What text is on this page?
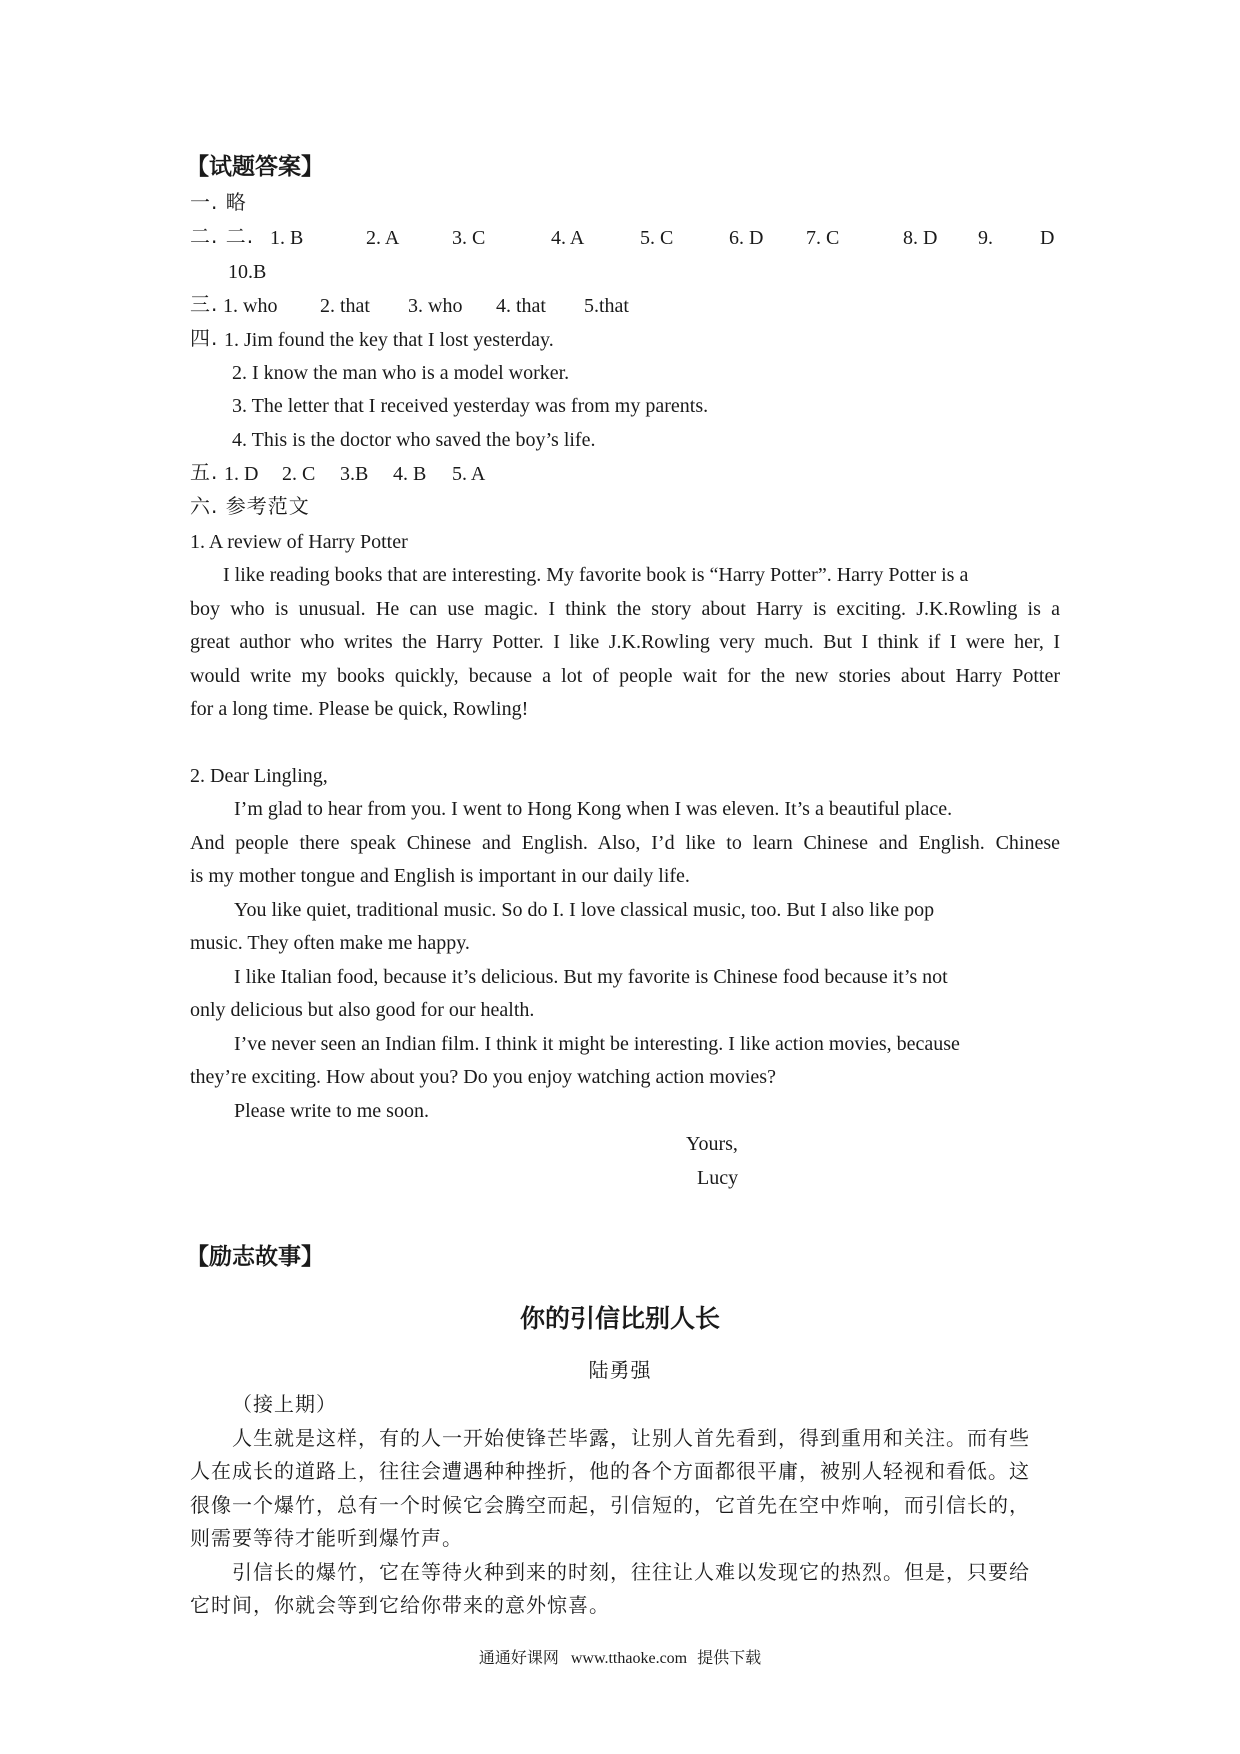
【试题答案】
一. 略
二. 二. 1. B	2. A	3. C	4. A	5. C	6. D 7. C	8. D 9. D
10.B
三. 1. who 2. that 3. who 4. that 5.that
四. 1. Jim found the key that I lost yesterday.
2. I know the man who is a model worker.
3. The letter that I received yesterday was from my parents.
4. This is the doctor who saved the boy’s life.
五. 1. D 2. C 3.B 4. B 5. A
六. 参考范文
1. A review of Harry Potter
I like reading books that are interesting. My favorite book is “Harry Potter”. Harry Potter is a
boy who is unusual. He can use magic. I think the story about Harry is exciting. J.K.Rowling is a
great author who writes the Harry Potter. I like J.K.Rowling very much. But I think if I were her, I
would write my books quickly, because a lot of people wait for the new stories about Harry Potter
for a long time. Please be quick, Rowling!
2. Dear Lingling,
I’m glad to hear from you. I went to Hong Kong when I was eleven. It’s a beautiful place.
And people there speak Chinese and English. Also, I’d like to learn Chinese and English. Chinese
is my mother tongue and English is important in our daily life.
You like quiet, traditional music. So do I. I love classical music, too. But I also like pop
music. They often make me happy.
I like Italian food, because it’s delicious. But my favorite is Chinese food because it’s not
only delicious but also good for our health.
I’ve never seen an Indian film. I think it might be interesting. I like action movies, because
they’re exciting. How about you? Do you enjoy watching action movies?
Please write to me soon.
Yours,
Lucy
【励志故事】
你的引信比别人长
陆勇强
（接上期）
人生就是这样，有的人一开始使锋芒毕露，让别人首先看到，得到重用和关注。而有些
人在成长的道路上，往往会遭遇种种挫折，他的各个方面都很平庸，被别人轻视和看低。这
很像一个爆竹，总有一个时候它会腾空而起，引信短的，它首先在空中炸响，而引信长的，
则需要等待才能听到爆竹声。
引信长的爆竹，它在等待火种到来的时刻，往往让人难以发现它的热烈。但是，只要给
它时间，你就会等到它给你带来的意外惊喜。
通通好课网 www.tthaoke.com 提供下载
